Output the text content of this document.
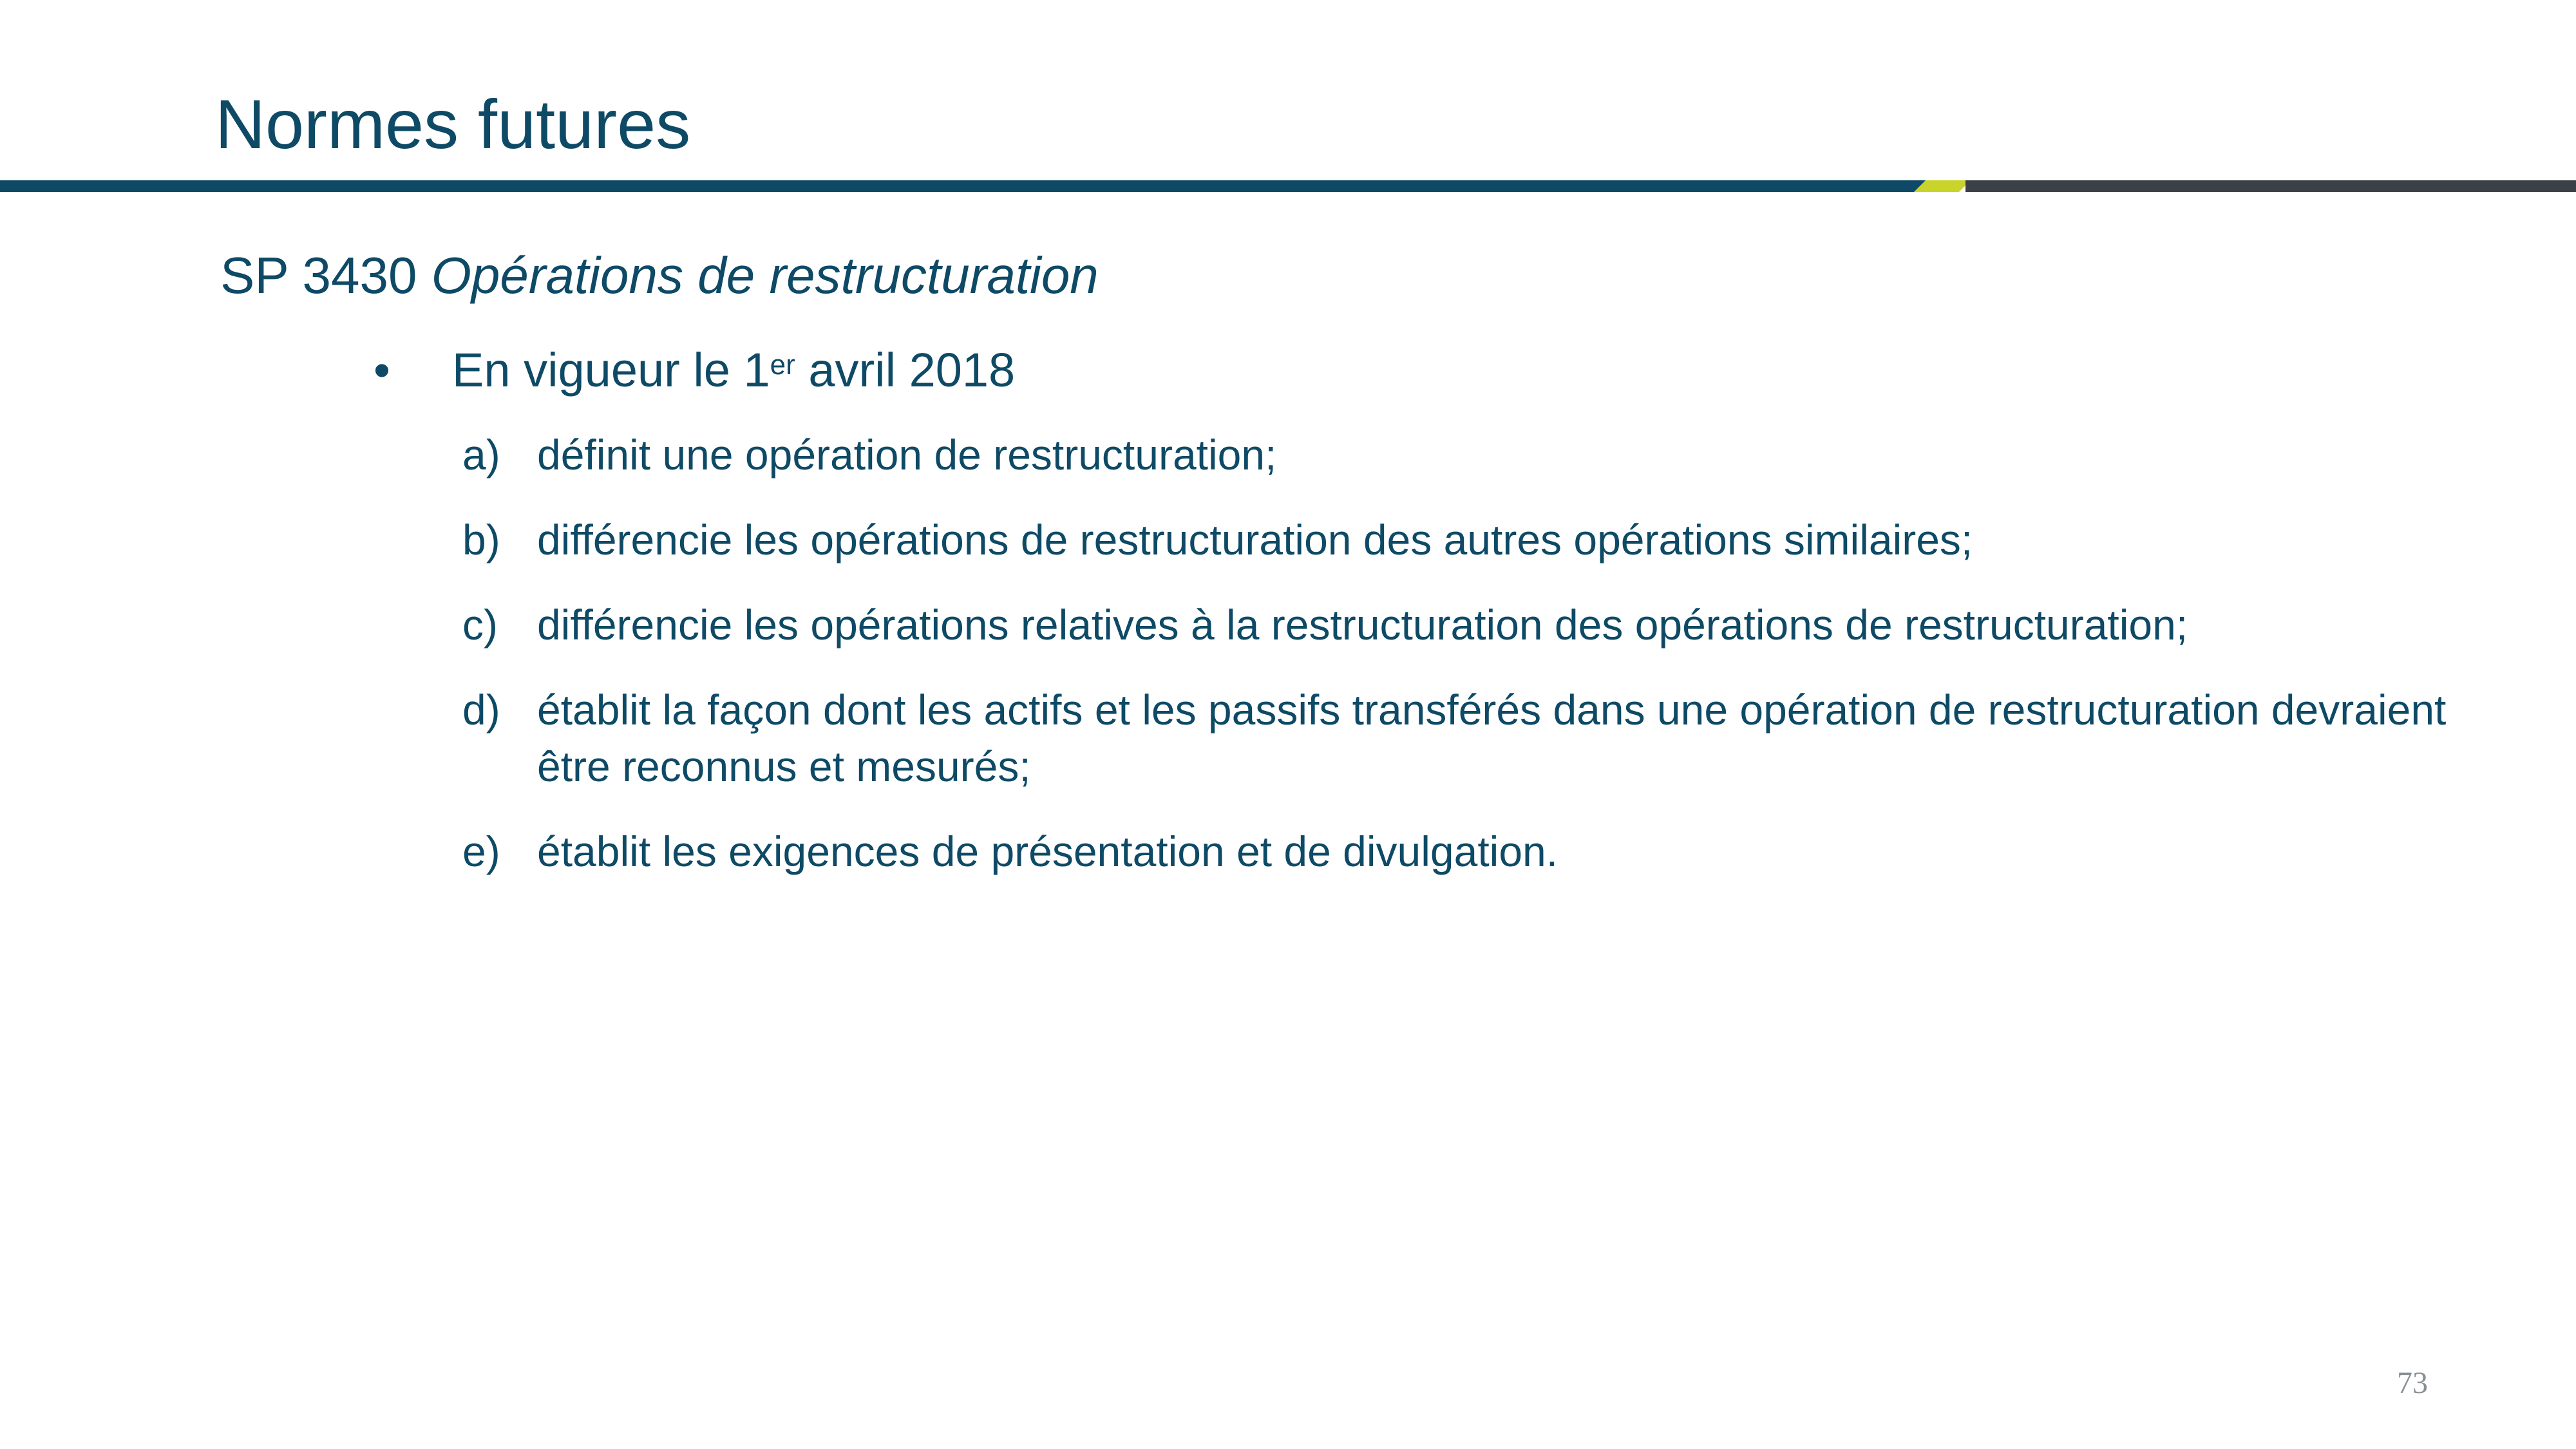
Normes futures
SP 3430 Opérations de restructuration
•	En vigueur le 1er avril 2018
a) définit une opération de restructuration;
b) différencie les opérations de restructuration des autres opérations similaires;
c) différencie les opérations relatives à la restructuration des opérations de restructuration;
d) établit la façon dont les actifs et les passifs transférés dans une opération de restructuration devraient être reconnus et mesurés;
e) établit les exigences de présentation et de divulgation.
73
